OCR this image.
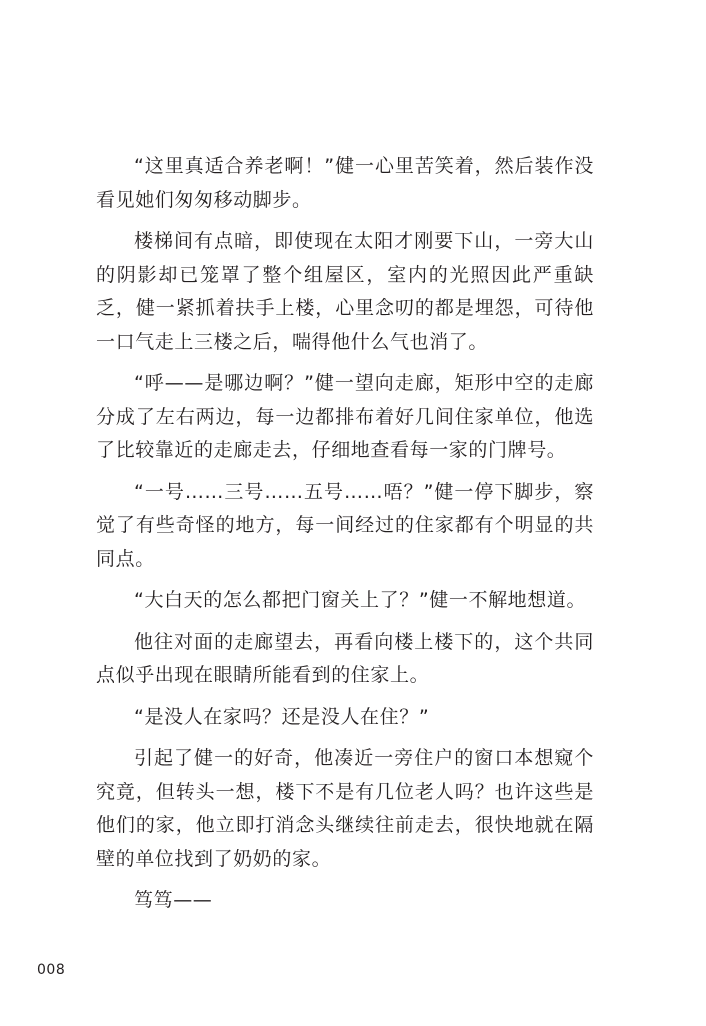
“这里真适合养老啊！”健一心里苦笑着，然后装作没看见她们匆匆移动脚步。

楼梯间有点暗，即使现在太阳才刚要下山，一旁大山的阴影却已笼罩了整个组屋区，室内的光照因此严重缺乏，健一紧抓着扶手上楼，心里念叨的都是埋怨，可待他一口气走上三楼之后，喘得他什么气也消了。

“呼——是哪边啊？”健一望向走廊，矩形中空的走廊分成了左右两边，每一边都排布着好几间住家单位，他选了比较靠近的走廊走去，仔细地查看每一家的门牌号。

“一号……三号……五号……唔？”健一停下脚步，察觉了有些奇怪的地方，每一间经过的住家都有个明显的共同点。

“大白天的怎么都把门窗关上了？”健一不解地想道。

他往对面的走廊望去，再看向楼上楼下的，这个共同点似乎出现在眼睛所能看到的住家上。

“是没人在家吗？还是没人在住？”

引起了健一的好奇，他凑近一旁住户的窗口本想窥个究竟，但转头一想，楼下不是有几位老人吗？也许这些是他们的家，他立即打消念头继续往前走去，很快地就在隔壁的单位找到了奶奶的家。

笃笃——

008
